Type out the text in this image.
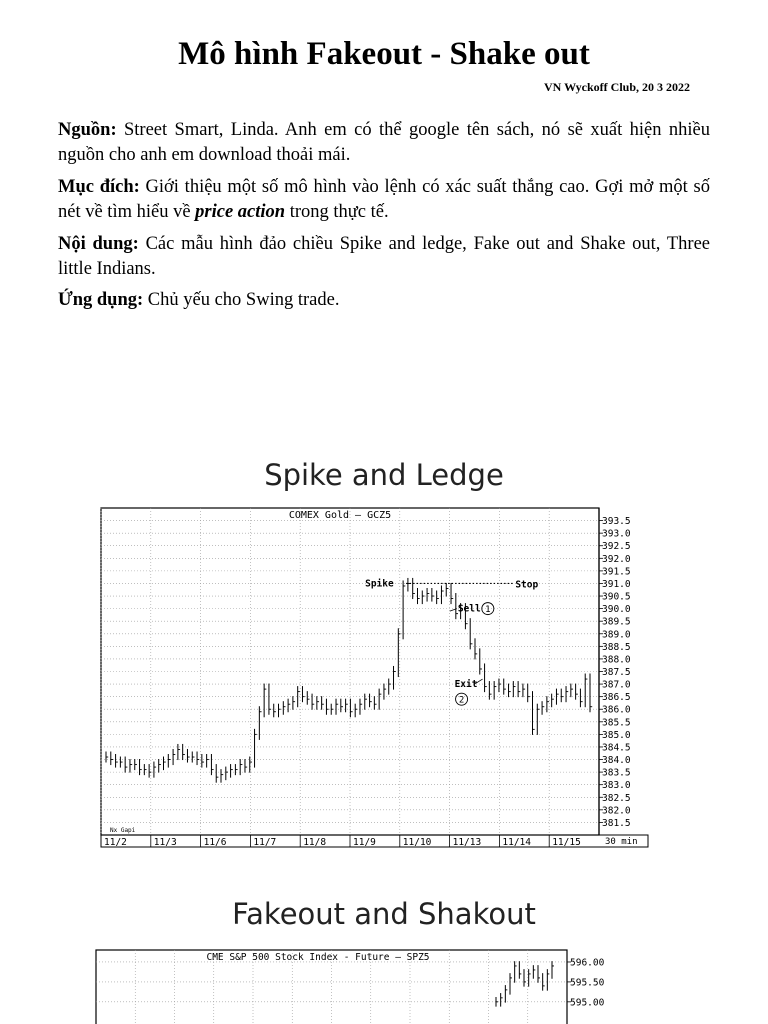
Mô hình Fakeout - Shake out
VN Wyckoff Club, 20 3 2022
Nguồn: Street Smart, Linda. Anh em có thể google tên sách, nó sẽ xuất hiện nhiều nguồn cho anh em download thoải mái.
Mục đích: Giới thiệu một số mô hình vào lệnh có xác suất thắng cao. Gợi mở một số nét về tìm hiểu về price action trong thực tế.
Nội dung: Các mẫu hình đảo chiều Spike and ledge, Fake out and Shake out, Three little Indians.
Ứng dụng: Chủ yếu cho Swing trade.
Spike and Ledge
393.5
393.0
392.5
392.0
391.5
391.0
390.5
390.0
389.5
389.0
388.5
388.0
387.5
387.0
386.5
386.0
385.5
385.0
384.5
384.0
383.5
383.0
382.5
382.0
381.5
11/2	11/3	11/6	11/7	11/8	11/9	11/10 11/13 11/14 11/15
COMEX Gold – GCZ5
Nx Gapi
30 min
Spike	Stop
Sell 1
Exit
2
Fakeout and Shakout
596.00
595.50
595.00
CME S&P 500 Stock Index - Future – SPZ5
